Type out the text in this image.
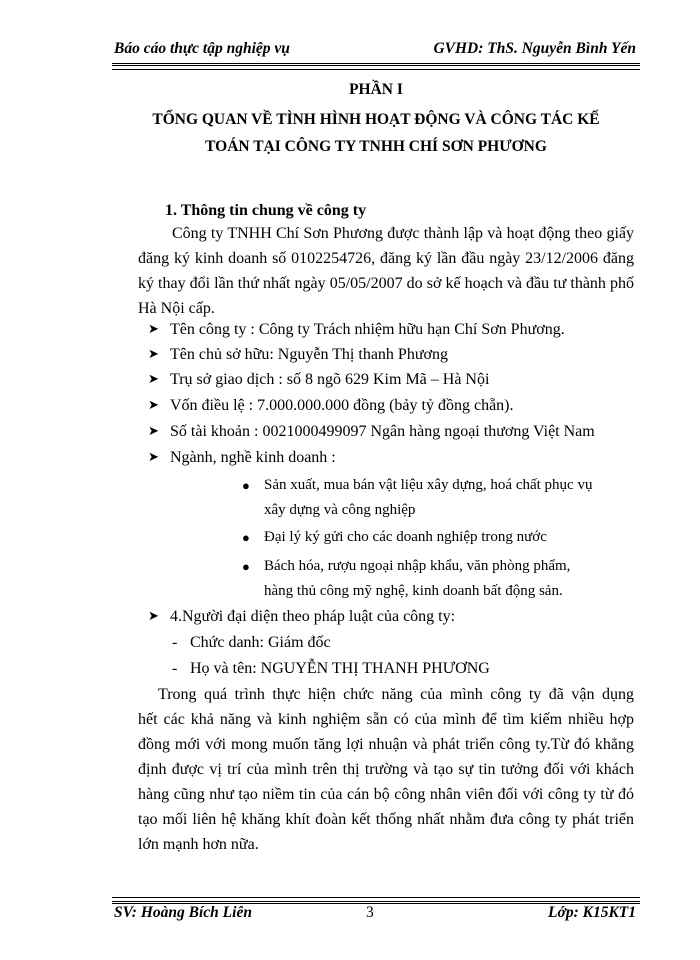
Báo cáo thực tập nghiệp vụ	GVHD: ThS. Nguyễn Bình Yến
PHẦN I
TỔNG QUAN VỀ TÌNH HÌNH HOẠT ĐỘNG VÀ CÔNG TÁC KẾ
TOÁN TẠI CÔNG TY TNHH CHÍ SƠN PHƯƠNG
1. Thông tin chung về công ty
Công ty TNHH Chí Sơn Phương được thành lập và hoạt động theo giấy
đăng ký kinh doanh số 0102254726, đăng ký lần đầu ngày 23/12/2006 đăng
ký thay đổi lần thứ nhất ngày 05/05/2007 do sở kế hoạch và đầu tư thành phố
Hà Nội cấp.
➤ Tên công ty : Công ty Trách nhiệm hữu hạn Chí Sơn Phương.
➤ Tên chủ sở hữu: Nguyễn Thị thanh Phương
➤ Trụ sở giao dịch : số 8 ngõ 629 Kim Mã – Hà Nội
➤ Vốn điều lệ : 7.000.000.000 đồng (bảy tỷ đồng chẵn).
➤ Số tài khoản : 0021000499097 Ngân hàng ngoại thương Việt Nam
➤ Ngành, nghề kinh doanh :
● Sản xuất, mua bán vật liệu xây dựng, hoá chất phục vụ
xây dựng và công nghiệp
● Đại lý ký gửi cho các doanh nghiệp trong nước
● Bách hóa, rượu ngoại nhập khẩu, văn phòng phẩm,
hàng thủ công mỹ nghệ, kinh doanh bất động sản.
➤ 4.Người đại diện theo pháp luật của công ty:
- Chức danh: Giám đốc
- Họ và tên: NGUYỄN THỊ THANH PHƯƠNG
Trong quá trình thực hiện chức năng của mình công ty đã vận dụng
hết các khả năng và kinh nghiệm sẵn có của mình để tìm kiếm nhiều hợp
đồng mới với mong muốn tăng lợi nhuận và phát triển công ty.Từ đó khẳng
định được vị trí của mình trên thị trường và tạo sự tin tưởng đối với khách
hàng cũng như tạo niềm tin của cán bộ công nhân viên đối với công ty từ đó
tạo mối liên hệ khăng khít đoàn kết thống nhất nhằm đưa công ty phát triển
lớn mạnh hơn nữa.
SV: Hoàng Bích Liên	3	Lớp: K15KT1
